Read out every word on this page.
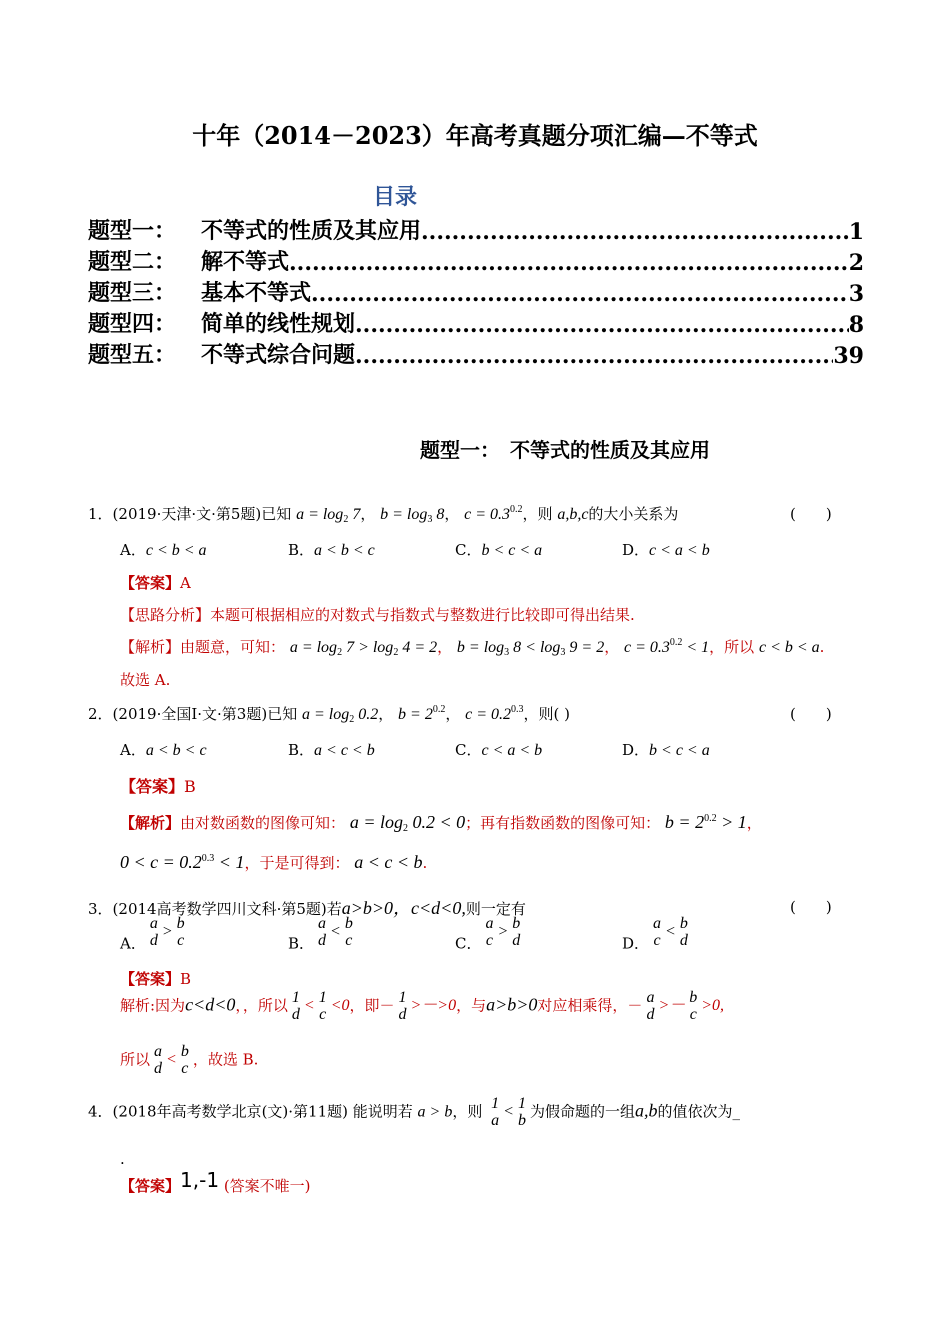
十年（2014－2023）年高考真题分项汇编—不等式
目录
题型一：	不等式的性质及其应用 .....	1
题型二：	解不等式 .....	2
题型三：	基本不等式 .....	3
题型四：	简单的线性规划 .....	8
题型五：	不等式综合问题 .....	39
题型一：　不等式的性质及其应用
1．(2019·天津·文·第5题)已知 $a = \log_2 7$， $b = \log_3 8$， $c = 0.3^{0.2}$，则 a,b,c的大小关系为	(　　)
A．c < b < a	B．a < b < c	C．b < c < a	D．c < a < b
【答案】A
【思路分析】本题可根据相应的对数式与指数式与整数进行比较即可得出结果.
【解析】由题意，可知： $a = \log_2 7 > \log_2 4 = 2$， $b = \log_3 8 < \log_3 9 = 2$， $c = 0.3^{0.2} < 1$，所以 c < b < a.
故选 A.
2．(2019·全国Ⅰ·文·第3题)已知 $a = \log_2 0.2$， $b = 2^{0.2}$， $c = 0.2^{0.3}$，则( )	(　　)
A．a < b < c	B．a < c < b	C．c < a < b	D．b < c < a
【答案】B
【解析】由对数函数的图像可知： $a = \log_2 0.2 < 0$；再有指数函数的图像可知： $b = 2^{0.2} > 1$，
$0 < c = 0.2^{0.3} < 1$，于是可得到： a < c < b.
3．(2014高考数学四川文科·第5题)若a>b>0，c<d<0,则一定有	(　　)
A．
a
d > b
c	B．
a
d < b
c	C．
a
c > b
d	D．
a
c < b
d
【答案】B
解析:因为c<d<0，，所以 1
d < 1
c <0，即－ 1
d >－>0，与a>b>0对应相乘得，－ a
d >－ b
c >0,
所以 a
d < b
c ，故选 B.
4．(2018年高考数学北京(文)·第11题) 能说明若 a > b，则 1
a < 1
b 为假命题的一组a,b的值依次为_
.
【答案】1,-1 (答案不唯一)
